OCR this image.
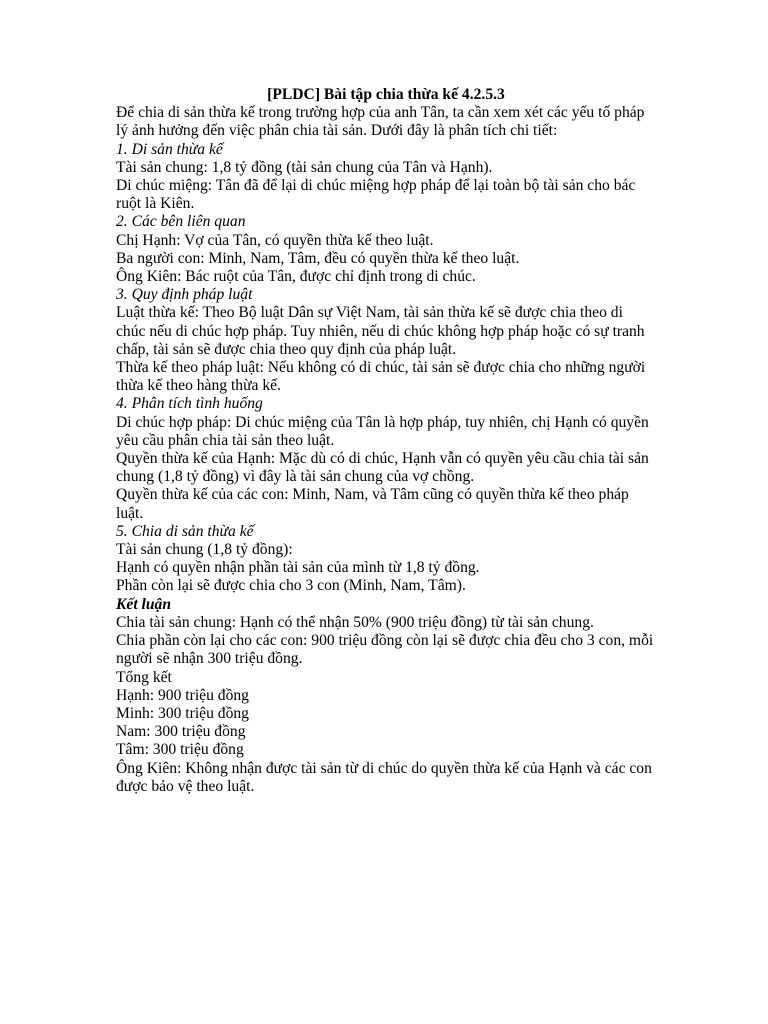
[PLDC] Bài tập chia thừa kế 4.2.5.3

Để chia di sản thừa kế trong trường hợp của anh Tân, ta cần xem xét các yếu tố pháp lý ảnh hưởng đến việc phân chia tài sản. Dưới đây là phân tích chi tiết:

1. Di sản thừa kế

Tài sản chung: 1,8 tỷ đồng (tài sản chung của Tân và Hạnh).

Di chúc miệng: Tân đã để lại di chúc miệng hợp pháp để lại toàn bộ tài sản cho bác ruột là Kiên.

2. Các bên liên quan

Chị Hạnh: Vợ của Tân, có quyền thừa kế theo luật.

Ba người con: Minh, Nam, Tâm, đều có quyền thừa kế theo luật.

Ông Kiên: Bác ruột của Tân, được chỉ định trong di chúc.

3. Quy định pháp luật

Luật thừa kế: Theo Bộ luật Dân sự Việt Nam, tài sản thừa kế sẽ được chia theo di chúc nếu di chúc hợp pháp. Tuy nhiên, nếu di chúc không hợp pháp hoặc có sự tranh chấp, tài sản sẽ được chia theo quy định của pháp luật.

Thừa kế theo pháp luật: Nếu không có di chúc, tài sản sẽ được chia cho những người thừa kế theo hàng thừa kế.

4. Phân tích tình huống

Di chúc hợp pháp: Di chúc miệng của Tân là hợp pháp, tuy nhiên, chị Hạnh có quyền yêu cầu phân chia tài sản theo luật.

Quyền thừa kế của Hạnh: Mặc dù có di chúc, Hạnh vẫn có quyền yêu cầu chia tài sản chung (1,8 tỷ đồng) vì đây là tài sản chung của vợ chồng.

Quyền thừa kế của các con: Minh, Nam, và Tâm cũng có quyền thừa kế theo pháp luật.

5. Chia di sản thừa kế

Tài sản chung (1,8 tỷ đồng):

Hạnh có quyền nhận phần tài sản của mình từ 1,8 tỷ đồng.

Phần còn lại sẽ được chia cho 3 con (Minh, Nam, Tâm).

Kết luận

Chia tài sản chung: Hạnh có thể nhận 50% (900 triệu đồng) từ tài sản chung.

Chia phần còn lại cho các con: 900 triệu đồng còn lại sẽ được chia đều cho 3 con, mỗi người sẽ nhận 300 triệu đồng.

Tổng kết

Hạnh: 900 triệu đồng

Minh: 300 triệu đồng

Nam: 300 triệu đồng

Tâm: 300 triệu đồng

Ông Kiên: Không nhận được tài sản từ di chúc do quyền thừa kế của Hạnh và các con được bảo vệ theo luật.
